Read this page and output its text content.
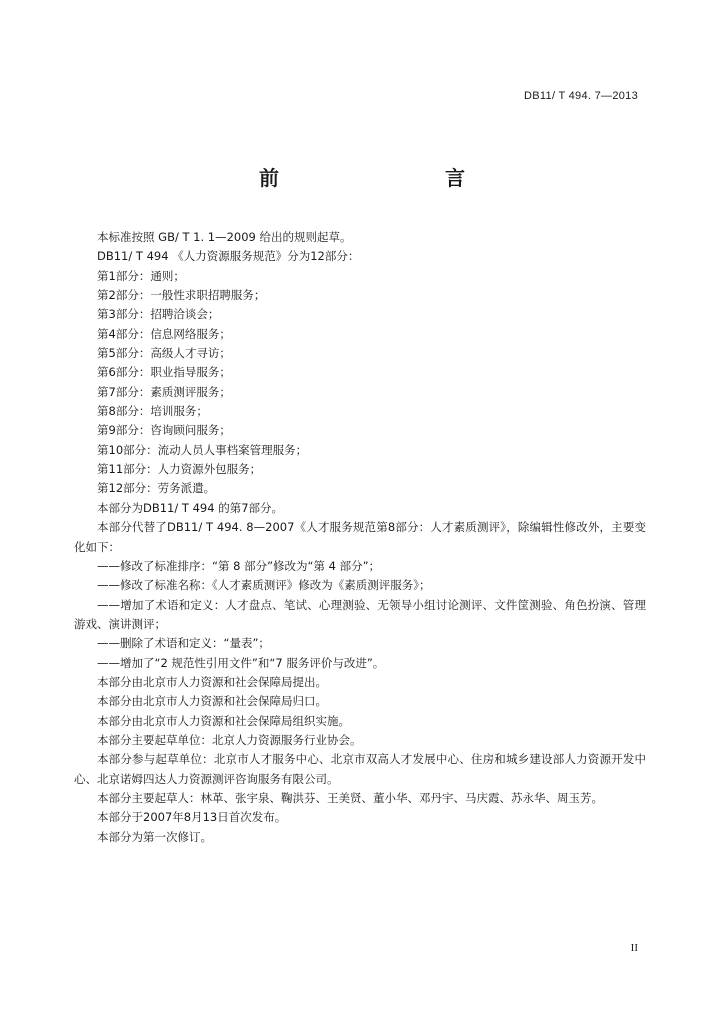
DB11/ T 494. 7—2013
前　　言

本标准按照 GB/ T 1. 1—2009 给出的规则起草。

DB11/ T 494 《人力资源服务规范》分为12部分：

第1部分：通则；

第2部分：一般性求职招聘服务；

第3部分：招聘洽谈会；

第4部分：信息网络服务；

第5部分：高级人才寻访；

第6部分：职业指导服务；

第7部分：素质测评服务；

第8部分：培训服务；

第9部分：咨询顾问服务；

第10部分：流动人员人事档案管理服务；

第11部分：人力资源外包服务；

第12部分：劳务派遣。

本部分为DB11/ T 494 的第7部分。

本部分代替了DB11/ T 494. 8—2007《人才服务规范第8部分：人才素质测评》，除编辑性修改外，主要变化如下：

——修改了标准排序：“第 8 部分”修改为“第 4 部分”；

——修改了标准名称：《人才素质测评》修改为《素质测评服务》；

——增加了术语和定义：人才盘点、笔试、心理测验、无领导小组讨论测评、文件筐测验、角色扮演、管理游戏、演讲测评；

——删除了术语和定义：“量表”；

——增加了“2 规范性引用文件”和“7 服务评价与改进”。

本部分由北京市人力资源和社会保障局提出。

本部分由北京市人力资源和社会保障局归口。

本部分由北京市人力资源和社会保障局组织实施。

本部分主要起草单位：北京人力资源服务行业协会。

本部分参与起草单位：北京市人才服务中心、北京市双高人才发展中心、住房和城乡建设部人力资源开发中心、北京诺姆四达人力资源测评咨询服务有限公司。

本部分主要起草人：林革、张宇泉、鞠洪芬、王美贤、董小华、邓丹宇、马庆霞、苏永华、周玉芳。

本部分于2007年8月13日首次发布。

本部分为第一次修订。

II
